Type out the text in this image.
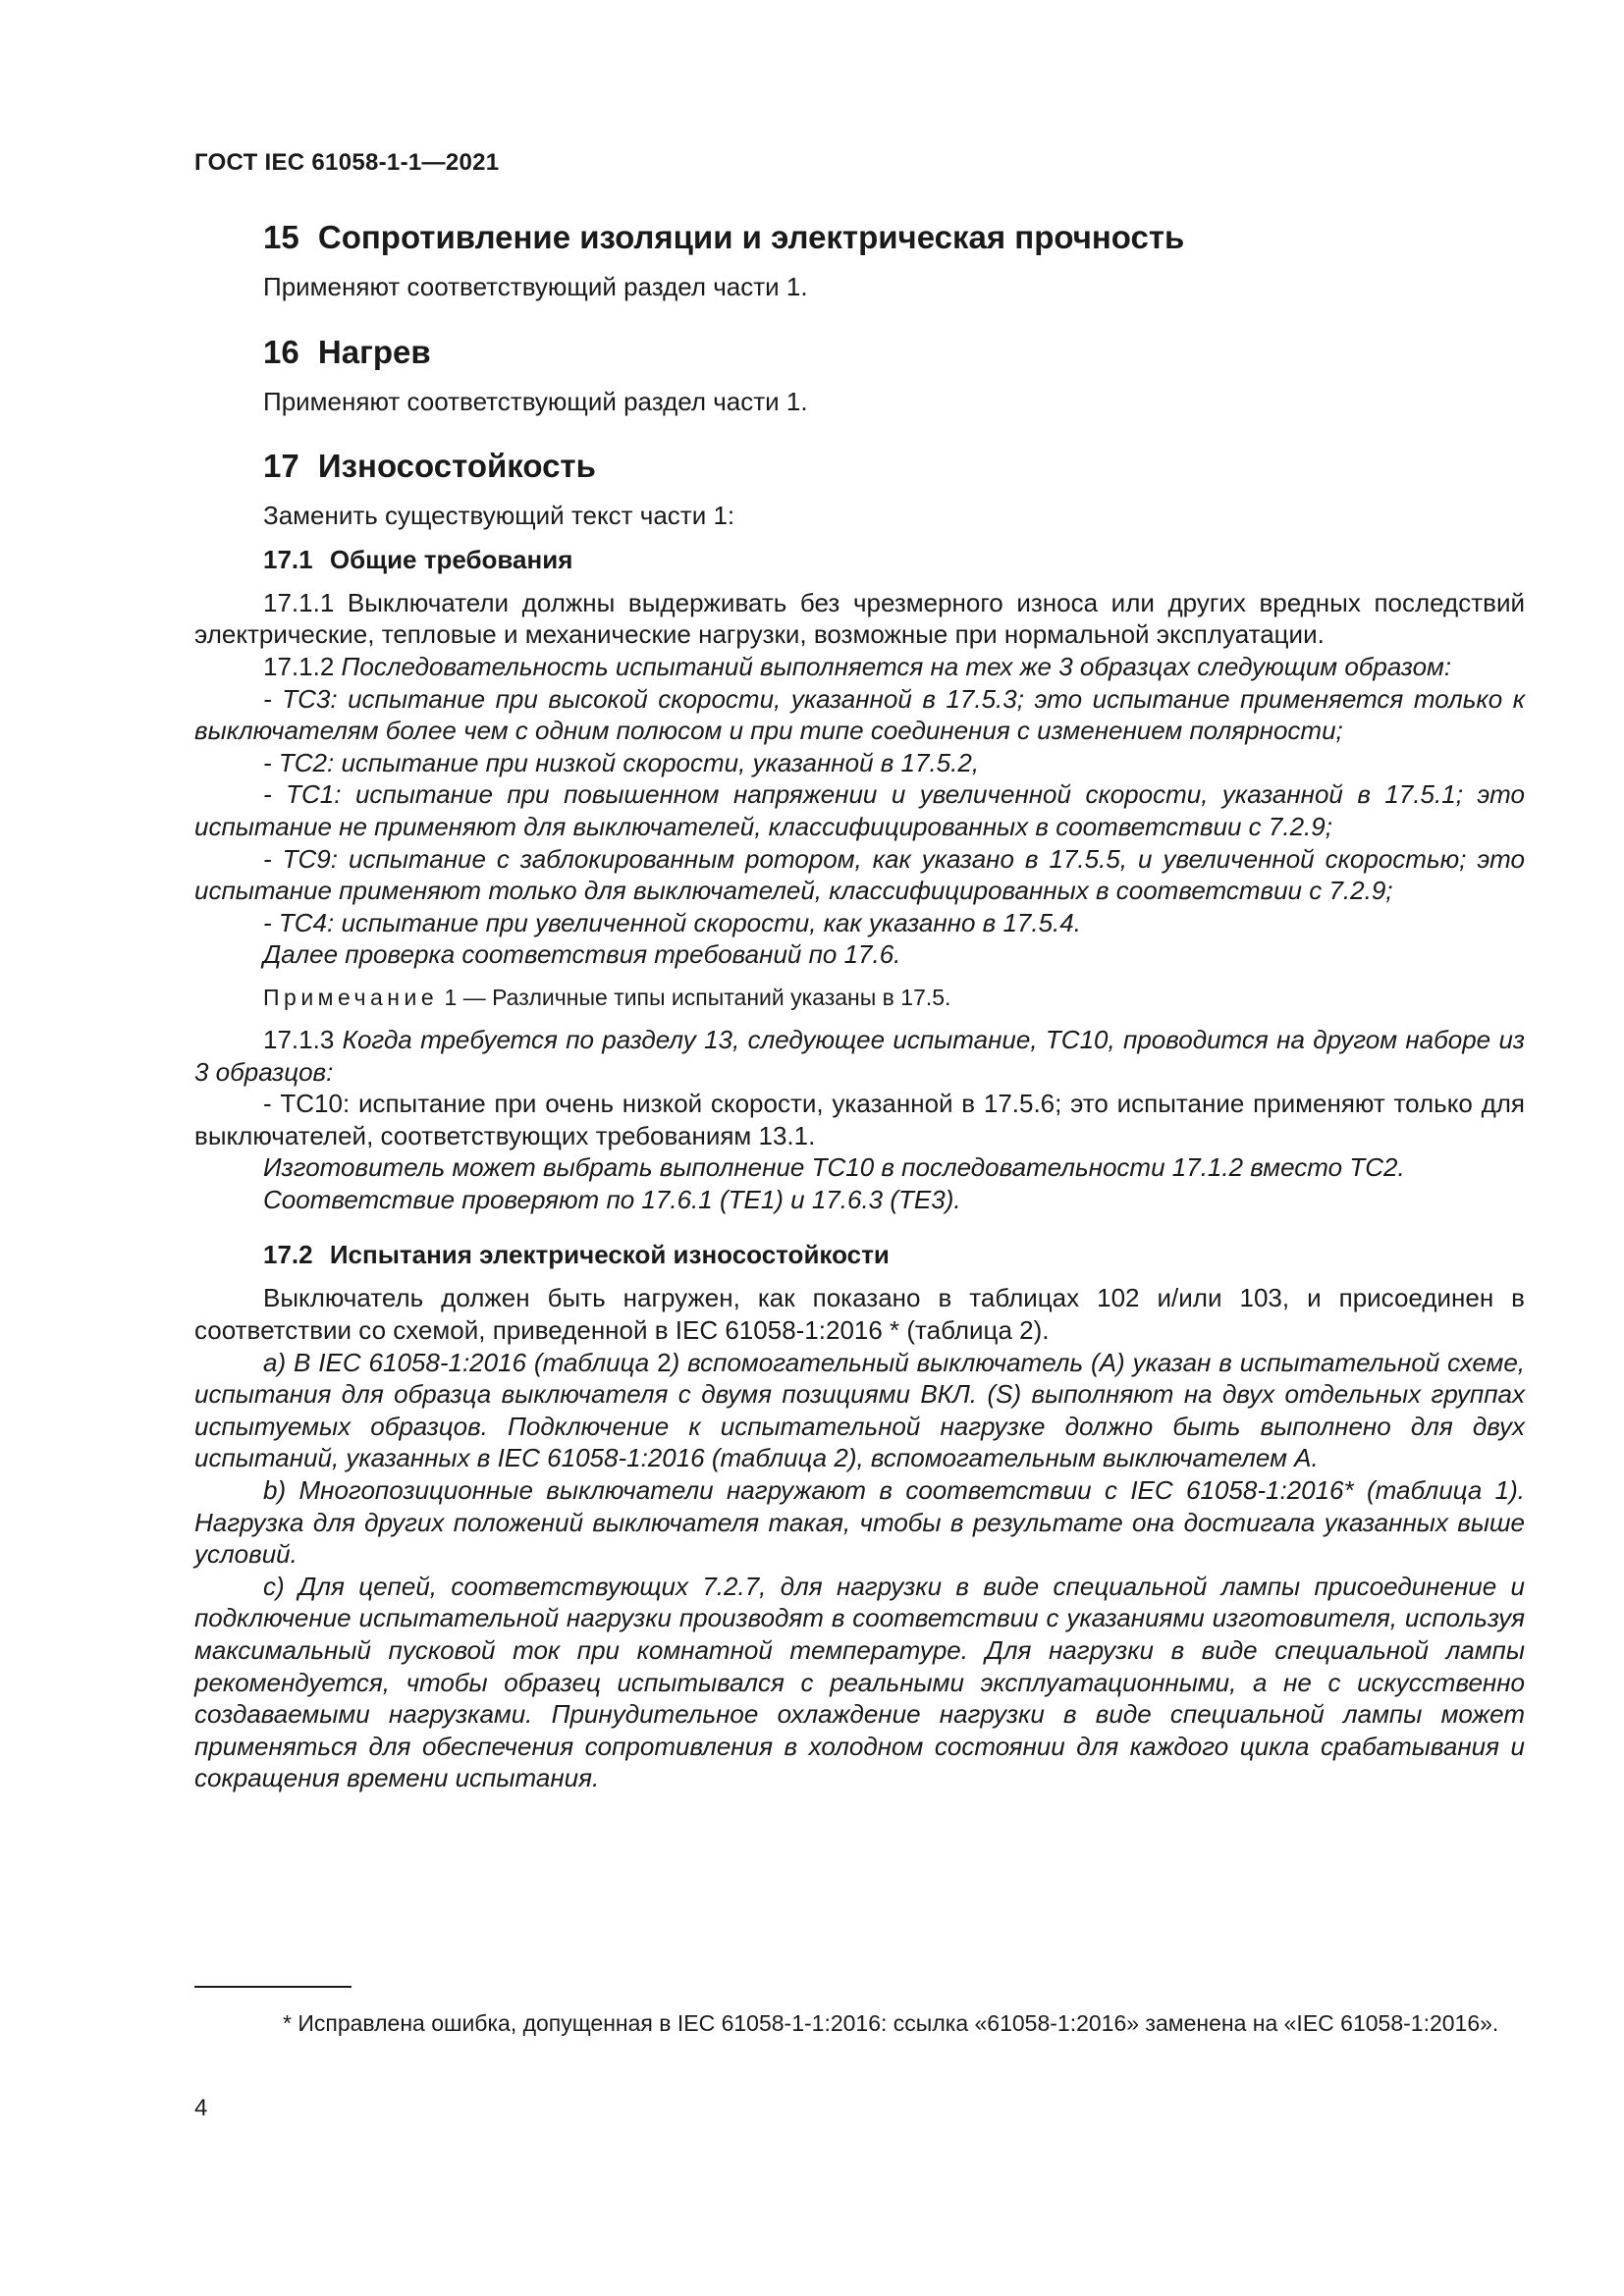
ГОСТ IEC 61058-1-1—2021
15 Сопротивление изоляции и электрическая прочность

Применяют соответствующий раздел части 1.

16 Нагрев

Применяют соответствующий раздел части 1.

17 Износостойкость

Заменить существующий текст части 1:

17.1 Общие требования

17.1.1 Выключатели должны выдерживать без чрезмерного износа или других вредных последствий электрические, тепловые и механические нагрузки, возможные при нормальной эксплуатации.

17.1.2 Последовательность испытаний выполняется на тех же 3 образцах следующим образом:

- ТС3: испытание при высокой скорости, указанной в 17.5.3; это испытание применяется только к выключателям более чем с одним полюсом и при типе соединения с изменением полярности;

- ТС2: испытание при низкой скорости, указанной в 17.5.2,

- ТС1: испытание при повышенном напряжении и увеличенной скорости, указанной в 17.5.1; это испытание не применяют для выключателей, классифицированных в соответствии с 7.2.9;

- ТС9: испытание с заблокированным ротором, как указано в 17.5.5, и увеличенной скоростью; это испытание применяют только для выключателей, классифицированных в соответствии с 7.2.9;

- ТС4: испытание при увеличенной скорости, как указанно в 17.5.4.

Далее проверка соответствия требований по 17.6.

Примечание 1 — Различные типы испытаний указаны в 17.5.

17.1.3 Когда требуется по разделу 13, следующее испытание, ТС10, проводится на другом наборе из 3 образцов:

- ТС10: испытание при очень низкой скорости, указанной в 17.5.6; это испытание применяют только для выключателей, соответствующих требованиям 13.1.

Изготовитель может выбрать выполнение ТС10 в последовательности 17.1.2 вместо ТС2.

Соответствие проверяют по 17.6.1 (ТЕ1) и 17.6.3 (ТЕ3).

17.2 Испытания электрической износостойкости

Выключатель должен быть нагружен, как показано в таблицах 102 и/или 103, и присоединен в соответствии со схемой, приведенной в IEC 61058-1:2016 * (таблица 2).

а) В IEC 61058-1:2016 (таблица 2) вспомогательный выключатель (А) указан в испытательной схеме, испытания для образца выключателя с двумя позициями ВКЛ. (S) выполняют на двух отдельных группах испытуемых образцов. Подключение к испытательной нагрузке должно быть выполнено для двух испытаний, указанных в IEC 61058-1:2016 (таблица 2), вспомогательным выключателем А.

b) Многопозиционные выключатели нагружают в соответствии с IEC 61058-1:2016* (таблица 1). Нагрузка для других положений выключателя такая, чтобы в результате она достигала указанных выше условий.

с) Для цепей, соответствующих 7.2.7, для нагрузки в виде специальной лампы присоединение и подключение испытательной нагрузки производят в соответствии с указаниями изготовителя, используя максимальный пусковой ток при комнатной температуре. Для нагрузки в виде специальной лампы рекомендуется, чтобы образец испытывался с реальными эксплуатационными, а не с искусственно создаваемыми нагрузками. Принудительное охлаждение нагрузки в виде специальной лампы может применяться для обеспечения сопротивления в холодном состоянии для каждого цикла срабатывания и сокращения времени испытания.

* Исправлена ошибка, допущенная в IEC 61058-1-1:2016: ссылка «61058-1:2016» заменена на «IEC 61058-1:2016».

4
